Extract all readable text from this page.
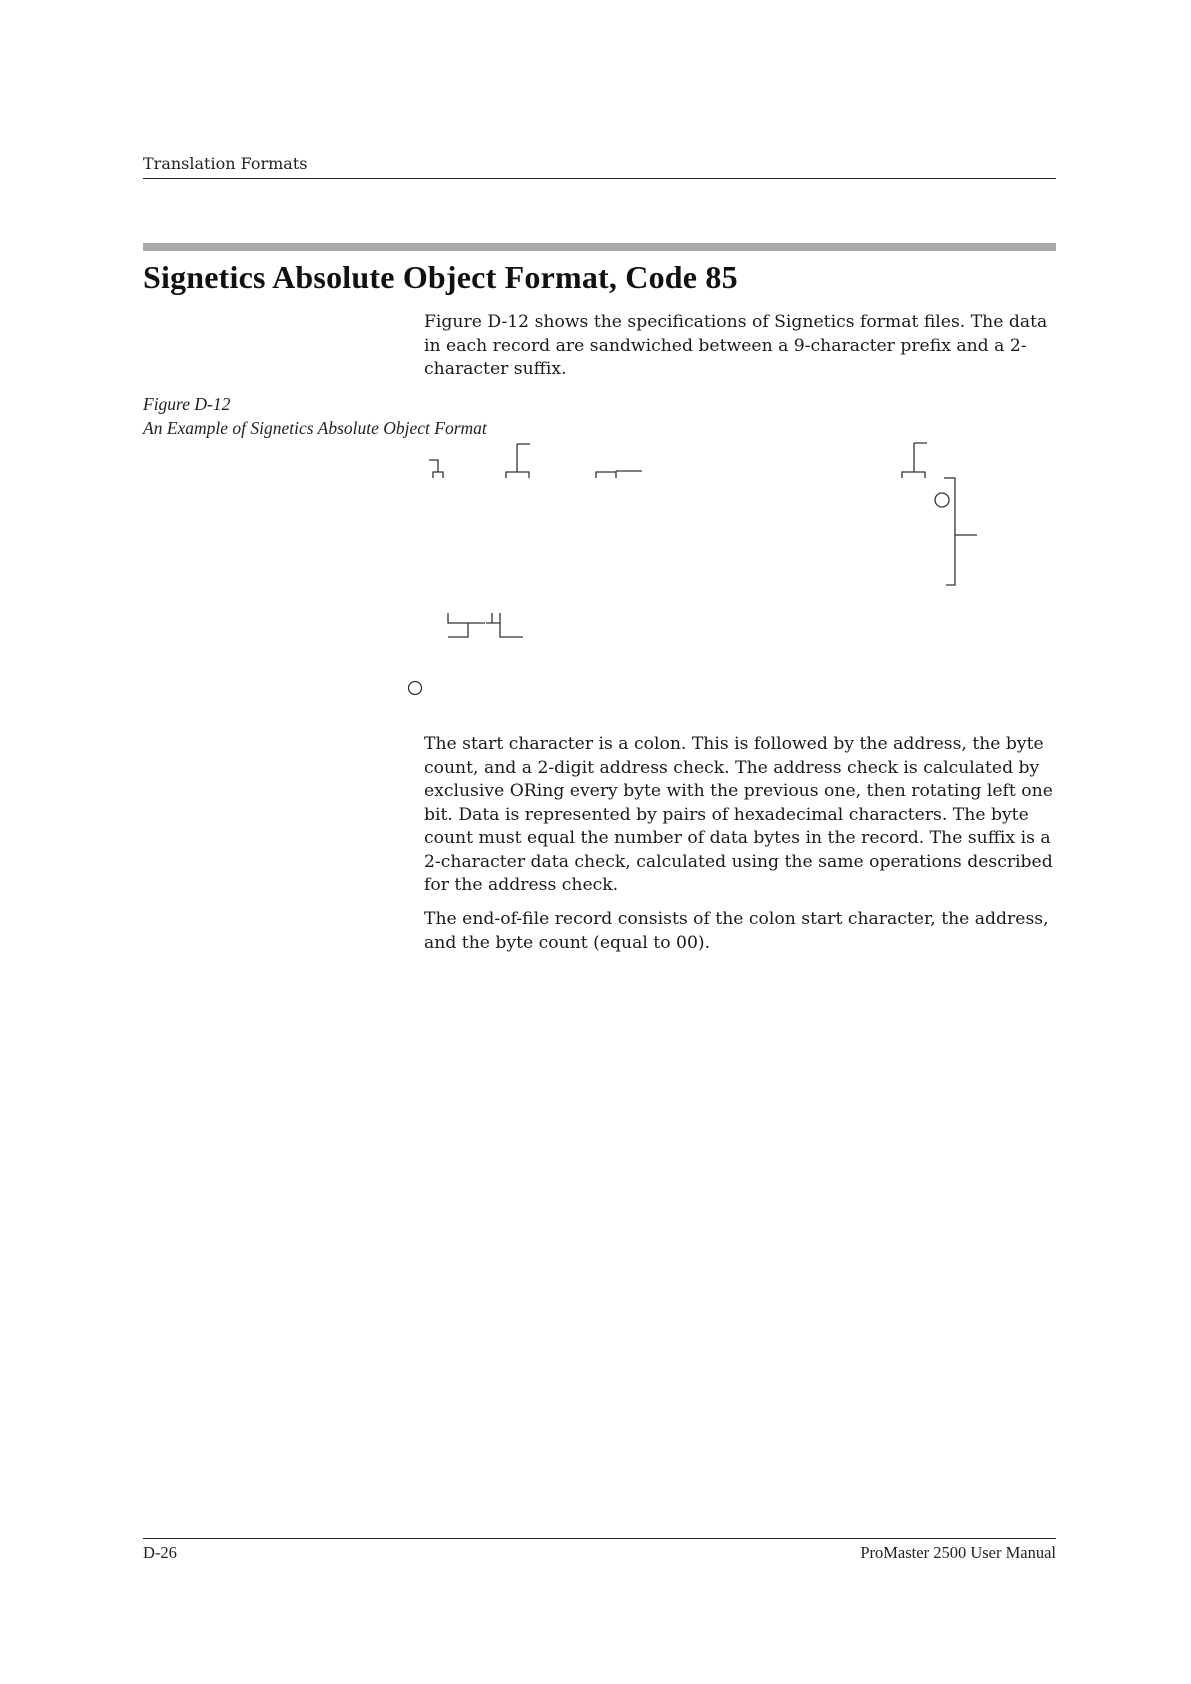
Translation Formats
Signetics Absolute Object Format, Code 85

Figure D-12 shows the specifications of Signetics format files. The data in each record are sandwiched between a 9-character prefix and a 2-character suffix.

Figure D-12
An Example of Signetics Absolute Object Format

The start character is a colon. This is followed by the address, the byte count, and a 2-digit address check. The address check is calculated by exclusive ORing every byte with the previous one, then rotating left one bit. Data is represented by pairs of hexadecimal characters. The byte count must equal the number of data bytes in the record. The suffix is a 2-character data check, calculated using the same operations described for the address check.

The end-of-file record consists of the colon start character, the address, and the byte count (equal to 00).

D-26	ProMaster 2500 User Manual
